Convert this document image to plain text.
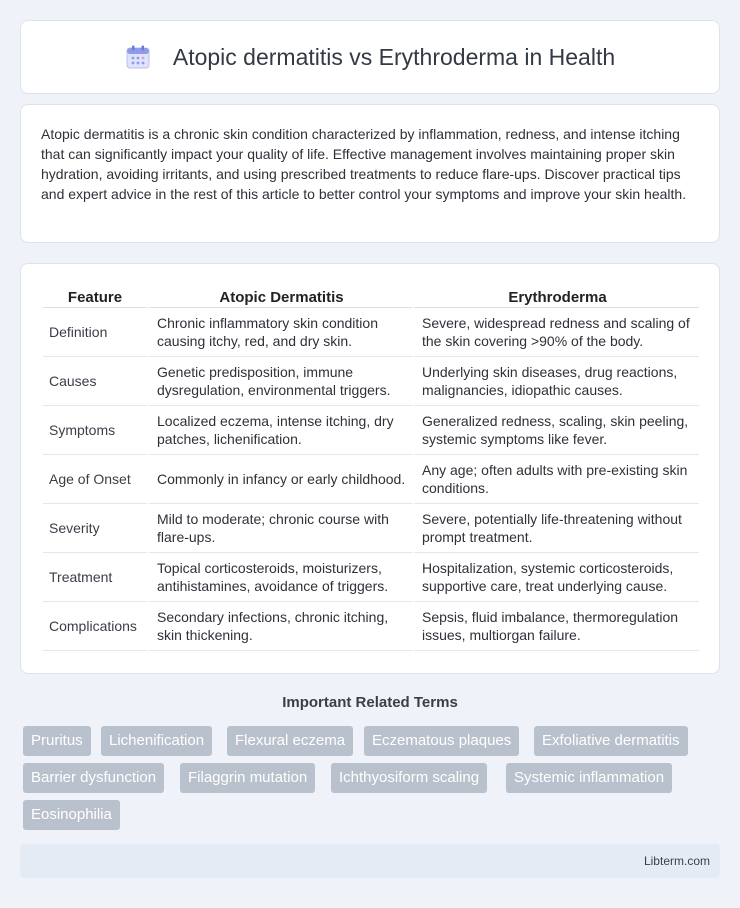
Atopic dermatitis vs Erythroderma in Health

Atopic dermatitis is a chronic skin condition characterized by inflammation, redness, and intense itching that can significantly impact your quality of life. Effective management involves maintaining proper skin hydration, avoiding irritants, and using prescribed treatments to reduce flare-ups. Discover practical tips and expert advice in the rest of this article to better control your symptoms and improve your skin health.

Feature	Atopic Dermatitis	Erythroderma
Definition	Chronic inflammatory skin condition causing itchy, red, and dry skin.	Severe, widespread redness and scaling of the skin covering >90% of the body.
Causes	Genetic predisposition, immune dysregulation, environmental triggers.	Underlying skin diseases, drug reactions, malignancies, idiopathic causes.
Symptoms	Localized eczema, intense itching, dry patches, lichenification.	Generalized redness, scaling, skin peeling, systemic symptoms like fever.
Age of Onset	Commonly in infancy or early childhood.	Any age; often adults with pre-existing skin conditions.
Severity	Mild to moderate; chronic course with flare-ups.	Severe, potentially life-threatening without prompt treatment.
Treatment	Topical corticosteroids, moisturizers, antihistamines, avoidance of triggers.	Hospitalization, systemic corticosteroids, supportive care, treat underlying cause.
Complications	Secondary infections, chronic itching, skin thickening.	Sepsis, fluid imbalance, thermoregulation issues, multiorgan failure.
Important Related Terms
Pruritus	Lichenification	Flexural eczema	Eczematous plaques	Exfoliative dermatitis
Barrier dysfunction	Filaggrin mutation	Ichthyosiform scaling	Systemic inflammation
Eosinophilia
Libterm.com
